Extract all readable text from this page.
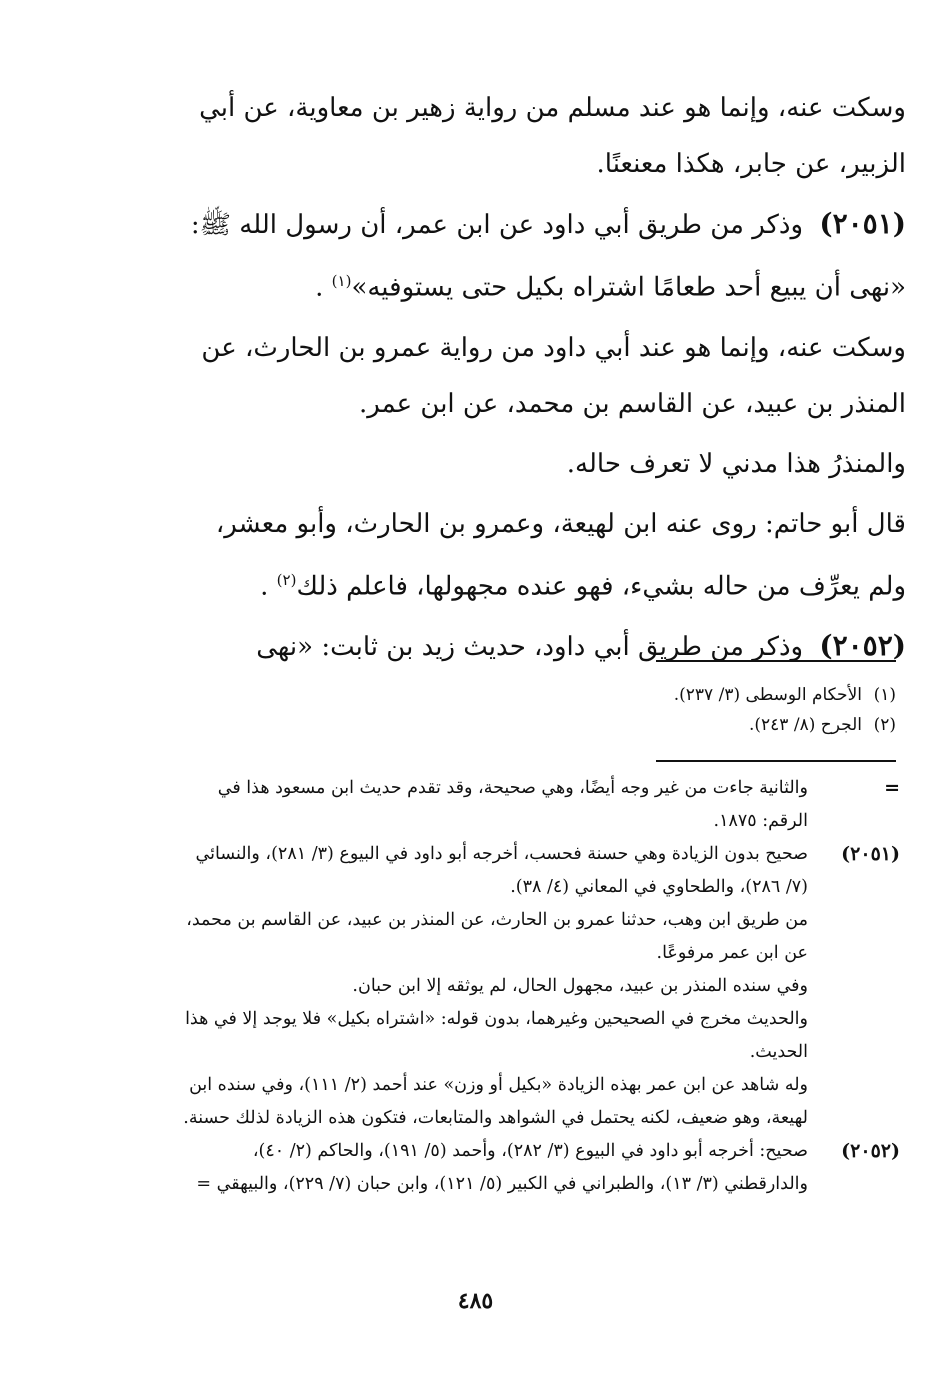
وسكت عنه، وإنما هو عند مسلم من رواية زهير بن معاوية، عن أبي الزبير، عن جابر، هكذا معنعنًا.

(٢٠٥١) وذكر من طريق أبي داود عن ابن عمر، أن رسول الله ﷺ: «نهى أن يبيع أحد طعامًا اشتراه بكيل حتى يستوفيه»$^{(١)}$ .

وسكت عنه، وإنما هو عند أبي داود من رواية عمرو بن الحارث، عن المنذر بن عبيد، عن القاسم بن محمد، عن ابن عمر.

والمنذرُ هذا مدني لا تعرف حاله.

قال أبو حاتم: روى عنه ابن لهيعة، وعمرو بن الحارث، وأبو معشر، ولم يعرِّف من حاله بشيء، فهو عنده مجهولها، فاعلم ذلك$^{(٢)}$ .

(٢٠٥٢) وذكر من طريق أبي داود، حديث زيد بن ثابت: «نهى

(١)الأحكام الوسطى (٣/ ٢٣٧).
(٢)الجرح (٨/ ٢٤٣).
=
والثانية جاءت من غير وجه أيضًا، وهي صحيحة، وقد تقدم حديث ابن مسعود هذا في الرقم: ١٨٧٥.
(٢٠٥١)
صحيح بدون الزيادة وهي حسنة فحسب، أخرجه أبو داود في البيوع (٣/ ٢٨١)، والنسائي (٧/ ٢٨٦)، والطحاوي في المعاني (٤/ ٣٨).
من طريق ابن وهب، حدثنا عمرو بن الحارث، عن المنذر بن عبيد، عن القاسم بن محمد، عن ابن عمر مرفوعًا.
وفي سنده المنذر بن عبيد، مجهول الحال، لم يوثقه إلا ابن حبان.
والحديث مخرج في الصحيحين وغيرهما، بدون قوله: «اشتراه بكيل» فلا يوجد إلا في هذا الحديث.
وله شاهد عن ابن عمر بهذه الزيادة «بكيل أو وزن» عند أحمد (٢/ ١١١)، وفي سنده ابن لهيعة، وهو ضعيف، لكنه يحتمل في الشواهد والمتابعات، فتكون هذه الزيادة لذلك حسنة.
(٢٠٥٢)
صحيح: أخرجه أبو داود في البيوع (٣/ ٢٨٢)، وأحمد (٥/ ١٩١)، والحاكم (٢/ ٤٠)، والدارقطني (٣/ ١٣)، والطبراني في الكبير (٥/ ١٢١)، وابن حبان (٧/ ٢٢٩)، والبيهقي =
٤٨٥
